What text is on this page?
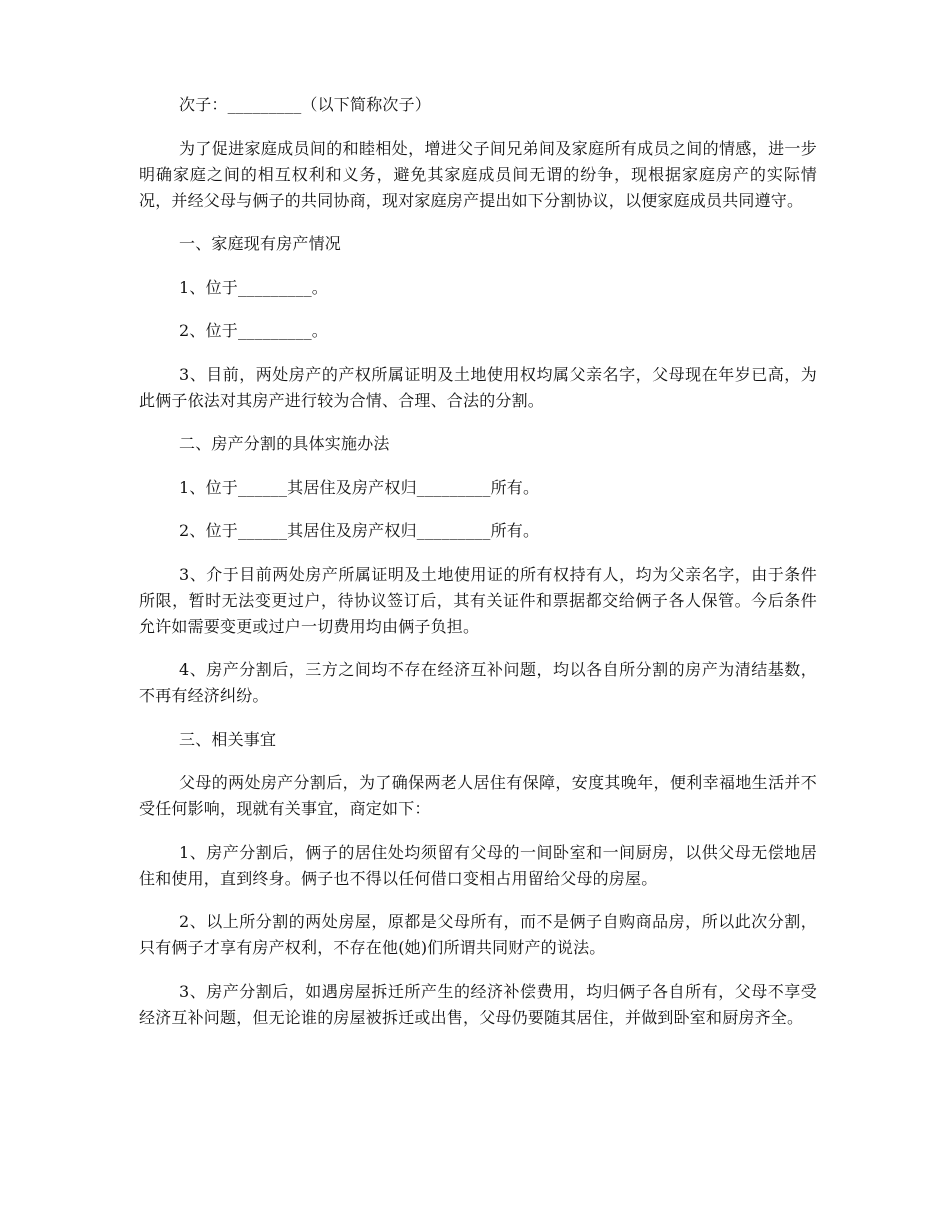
次子：_________（以下简称次子）

为了促进家庭成员间的和睦相处，增进父子间兄弟间及家庭所有成员之间的情感，进一步明确家庭之间的相互权利和义务，避免其家庭成员间无谓的纷争，现根据家庭房产的实际情况，并经父母与俩子的共同协商，现对家庭房产提出如下分割协议，以便家庭成员共同遵守。

一、家庭现有房产情况

1、位于_________。

2、位于_________。

3、目前，两处房产的产权所属证明及土地使用权均属父亲名字，父母现在年岁已高，为此俩子依法对其房产进行较为合情、合理、合法的分割。

二、房产分割的具体实施办法

1、位于______其居住及房产权归_________所有。

2、位于______其居住及房产权归_________所有。

3、介于目前两处房产所属证明及土地使用证的所有权持有人，均为父亲名字，由于条件所限，暂时无法变更过户，待协议签订后，其有关证件和票据都交给俩子各人保管。今后条件允许如需要变更或过户一切费用均由俩子负担。

4、房产分割后，三方之间均不存在经济互补问题，均以各自所分割的房产为清结基数，不再有经济纠纷。

三、相关事宜

父母的两处房产分割后，为了确保两老人居住有保障，安度其晚年，便利幸福地生活并不受任何影响，现就有关事宜，商定如下：

1、房产分割后，俩子的居住处均须留有父母的一间卧室和一间厨房，以供父母无偿地居住和使用，直到终身。俩子也不得以任何借口变相占用留给父母的房屋。

2、以上所分割的两处房屋，原都是父母所有，而不是俩子自购商品房，所以此次分割，只有俩子才享有房产权利，不存在他(她)们所谓共同财产的说法。

3、房产分割后，如遇房屋拆迁所产生的经济补偿费用，均归俩子各自所有，父母不享受经济互补问题，但无论谁的房屋被拆迁或出售，父母仍要随其居住，并做到卧室和厨房齐全。
